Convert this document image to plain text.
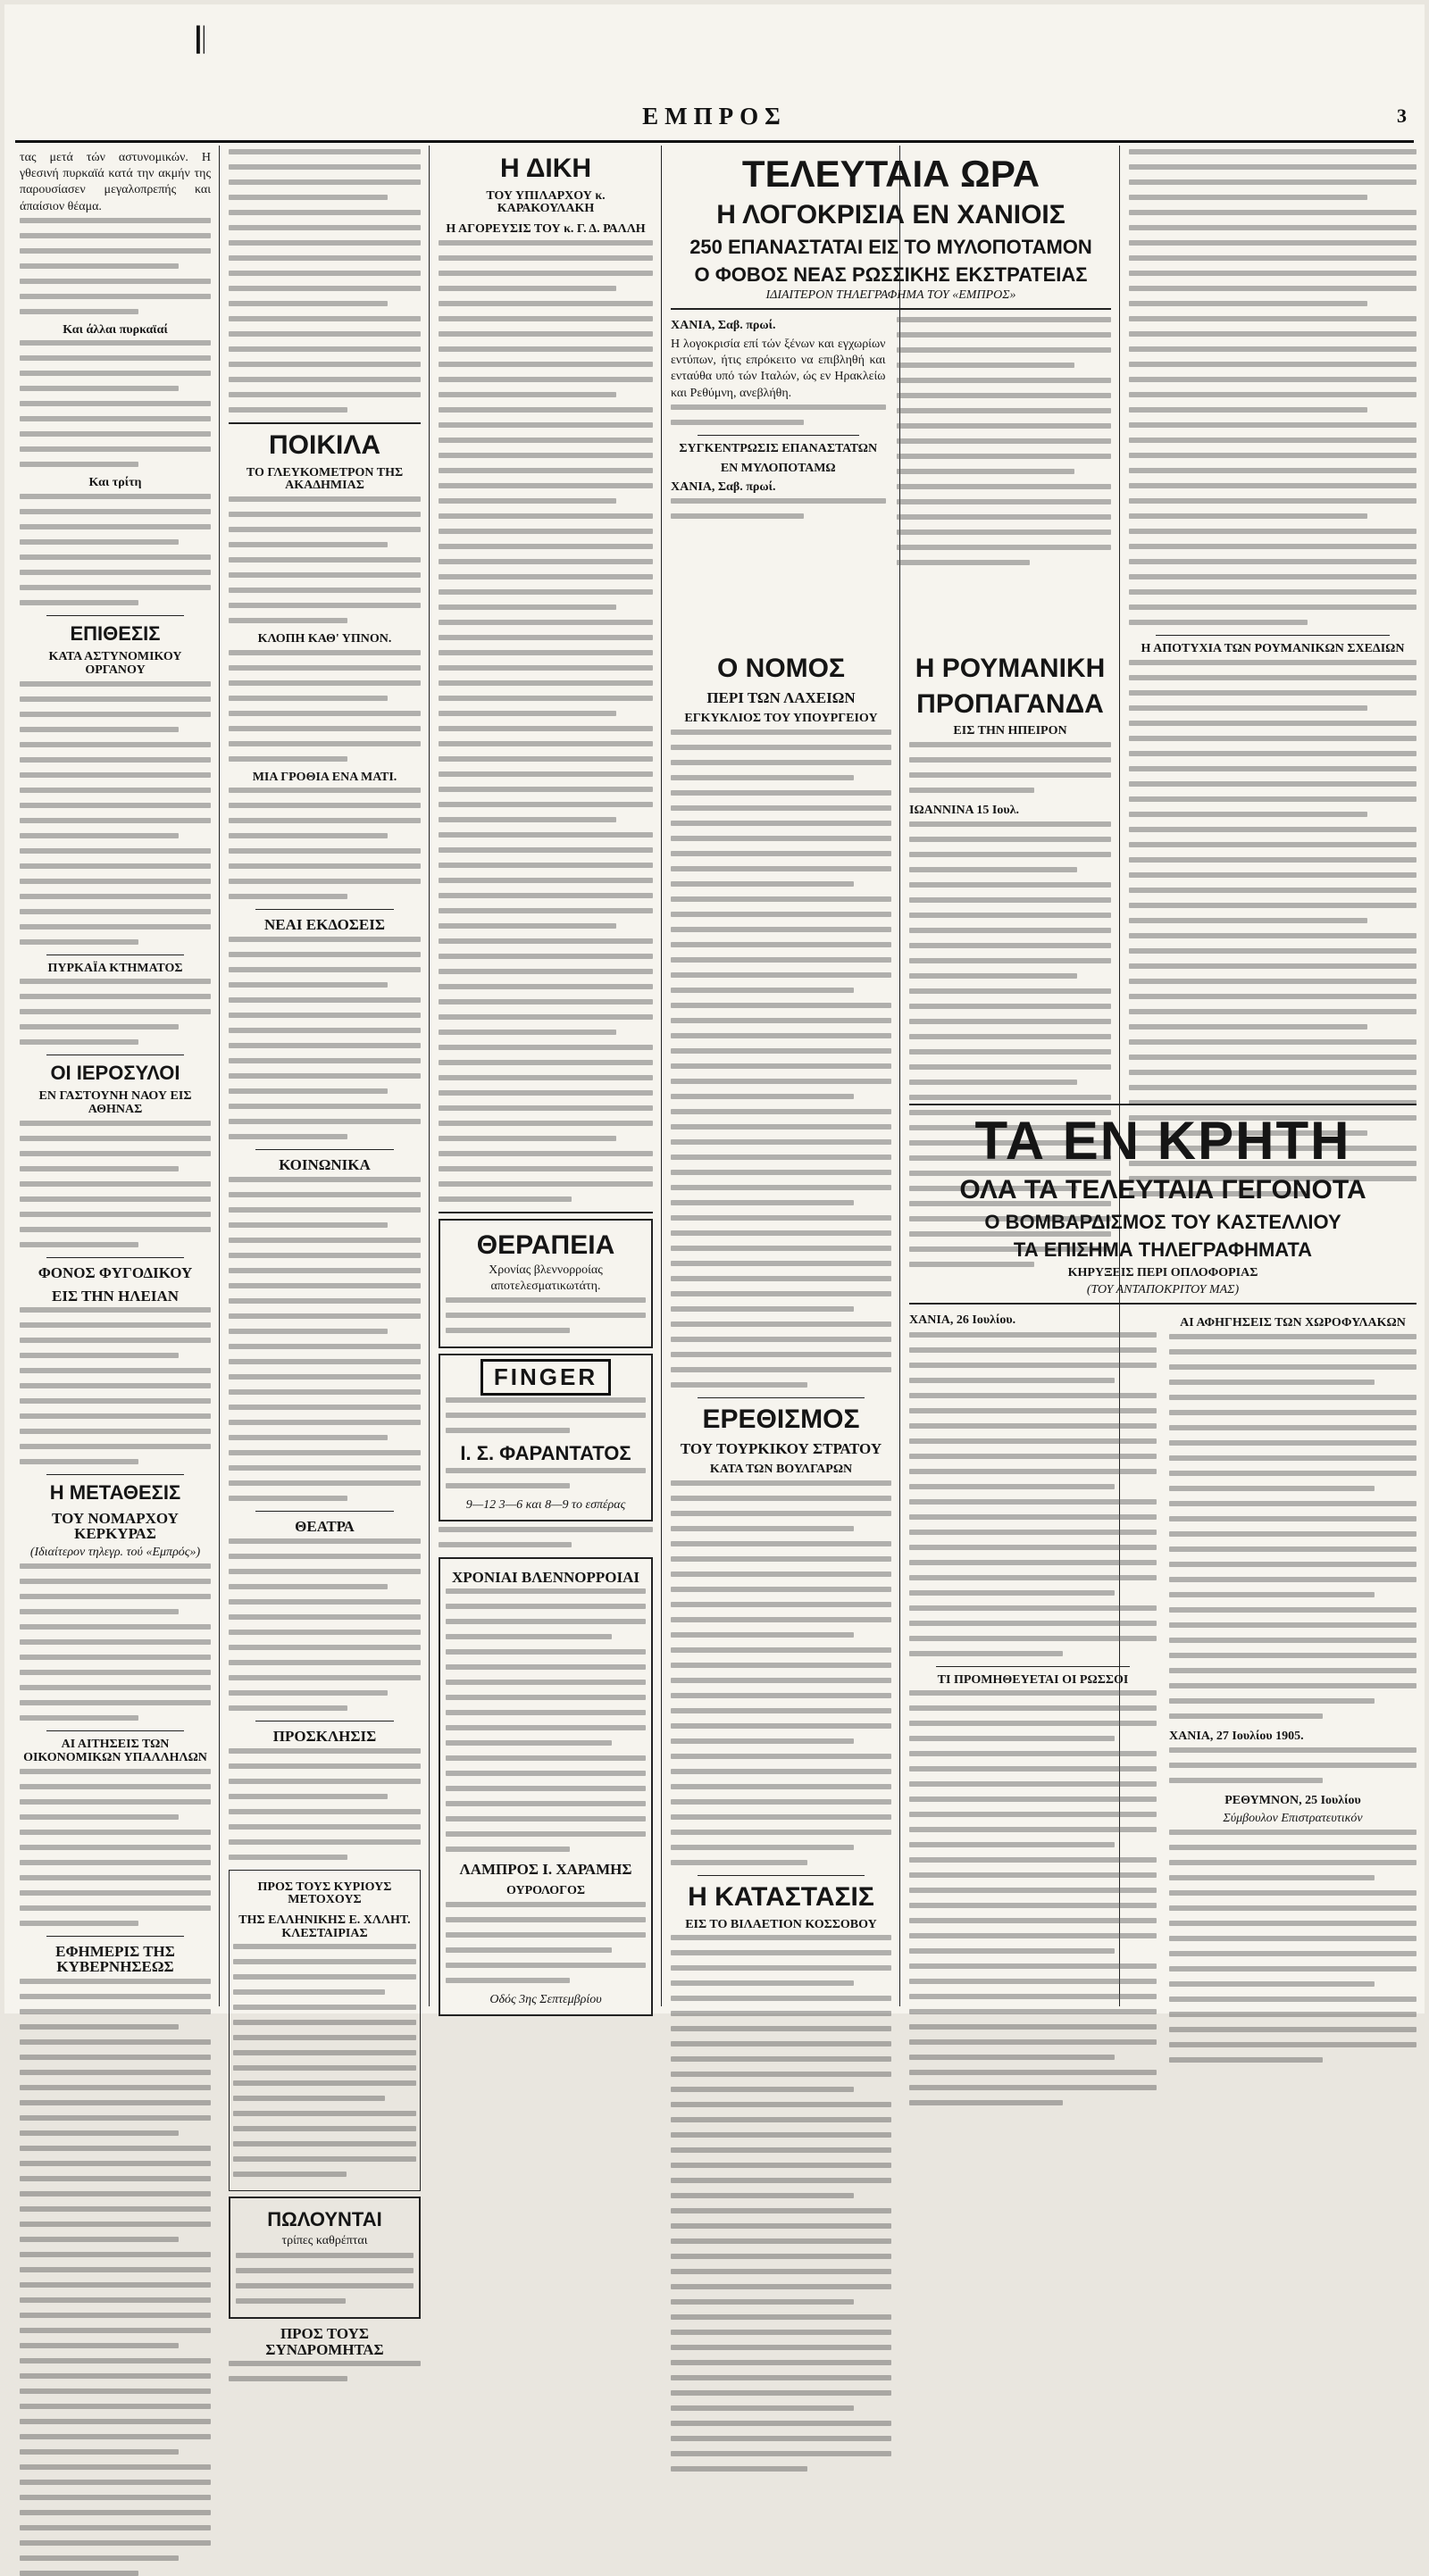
𝄃
ΕΜΠΡΟΣ	3
τας μετά τών αστυνομικών. Η γθεσινή πυρκαϊά κατά την ακμήν της παρουσίασεν μεγαλοπρεπής και άπαίσιον θέαμα.
Και άλλαι πυρκαϊαί
Και τρίτη
ΕΠΙΘΕΣΙΣ
ΚΑΤΑ ΑΣΤΥΝΟΜΙΚΟΥ ΟΡΓΑΝΟΥ
ΠΥΡΚΑΪΑ ΚΤΗΜΑΤΟΣ
ΟΙ ΙΕΡΟΣΥΛΟΙ
ΕΝ ΓΑΣΤΟΥΝΗ ΝΑΟΥ ΕΙΣ ΑΘΗΝΑΣ
ΦΟΝΟΣ ΦΥΓΟΔΙΚΟΥ
ΕΙΣ ΤΗΝ ΗΛΕΙΑΝ
Η ΜΕΤΑΘΕΣΙΣ
ΤΟΥ ΝΟΜΑΡΧΟΥ ΚΕΡΚΥΡΑΣ
(Ιδιαίτερον τηλεγρ. τού «Εμπρός»)
ΑΙ ΑΙΤΗΣΕΙΣ ΤΩΝ ΟΙΚΟΝΟΜΙΚΩΝ ΥΠΑΛΛΗΛΩΝ
ΕΦΗΜΕΡΙΣ ΤΗΣ ΚΥΒΕΡΝΗΣΕΩΣ
ΠΟΙΚΙΛΑ
ΤΟ ΓΛΕΥΚΟΜΕΤΡΟΝ ΤΗΣ ΑΚΑΔΗΜΙΑΣ
ΚΛΟΠΗ ΚΑΘ' ΥΠΝΟΝ.
ΜΙΑ ΓΡΟΘΙΑ ΕΝΑ ΜΑΤΙ.
ΝΕΑΙ ΕΚΔΟΣΕΙΣ
ΚΟΙΝΩΝΙΚΑ
ΘΕΑΤΡΑ
ΠΡΟΣΚΛΗΣΙΣ
ΠΡΟΣ ΤΟΥΣ ΚΥΡΙΟΥΣ ΜΕΤΟΧΟΥΣ
ΤΗΣ ΕΛΛΗΝΙΚΗΣ Ε. ΧΛΛΗΤ. ΚΛΕΣΤΑΙΡΙΑΣ
ΠΩΛΟΥΝΤΑΙ
τρίπες καθρέπται
ΠΡΟΣ ΤΟΥΣ ΣΥΝΔΡΟΜΗΤΑΣ
Η ΔΙΚΗ
ΤΟΥ ΥΠΙΛΑΡΧΟΥ κ. ΚΑΡΑΚΟΥΛΑΚΗ
Η ΑΓΟΡΕΥΣΙΣ ΤΟΥ κ. Γ. Δ. ΡΑΛΛΗ
ΘΕΡΑΠΕΙΑ
Χρονίας βλεννορροίας αποτελεσματικωτάτη.
FINGER
Ι. Σ. ΦΑΡΑΝΤΑΤΟΣ
9—12 3—6 και 8—9 το εσπέρας
ΧΡΟΝΙΑΙ ΒΛΕΝΝΟΡΡΟΙΑΙ
ΛΑΜΠΡΟΣ Ι. ΧΑΡΑΜΗΣ
ΟΥΡΟΛΟΓΟΣ
Οδός 3ης Σεπτεμβρίου
ΤΕΛΕΥΤΑΙΑ ΩΡΑ
Η ΛΟΓΟΚΡΙΣΙΑ ΕΝ ΧΑΝΙΟΙΣ
250 ΕΠΑΝΑΣΤΑΤΑΙ ΕΙΣ ΤΟ ΜΥΛΟΠΟΤΑΜΟΝ
Ο ΦΟΒΟΣ ΝΕΑΣ ΡΩΣΣΙΚΗΣ ΕΚΣΤΡΑΤΕΙΑΣ
ΙΔΙΑΙΤΕΡΟΝ ΤΗΛΕΓΡΑΦΗΜΑ ΤΟΥ «ΕΜΠΡΟΣ»
ΧΑΝΙΑ, Σαβ. πρωί.
Η λογοκρισία επί τών ξένων και εγχωρίων εντύπων, ήτις επρόκειτο να επιβληθή και ενταύθα υπό τών Ιταλών, ώς εν Ηρακλείω και Ρεθύμνη, ανεβλήθη.
ΣΥΓΚΕΝΤΡΩΣΙΣ ΕΠΑΝΑΣΤΑΤΩΝ
ΕΝ ΜΥΛΟΠΟΤΑΜΩ
ΧΑΝΙΑ, Σαβ. πρωί.
Ο ΝΟΜΟΣ
ΠΕΡΙ ΤΩΝ ΛΑΧΕΙΩΝ
ΕΓΚΥΚΛΙΟΣ ΤΟΥ ΥΠΟΥΡΓΕΙΟΥ
ΕΡΕΘΙΣΜΟΣ
ΤΟΥ ΤΟΥΡΚΙΚΟΥ ΣΤΡΑΤΟΥ
ΚΑΤΑ ΤΩΝ ΒΟΥΛΓΑΡΩΝ
Η ΚΑΤΑΣΤΑΣΙΣ
ΕΙΣ ΤΟ ΒΙΛΑΕΤΙΟΝ ΚΟΣΣΟΒΟΥ
Η ΡΟΥΜΑΝΙΚΗ
ΠΡΟΠΑΓΑΝΔΑ
ΕΙΣ ΤΗΝ ΗΠΕΙΡΟΝ
ΙΩΑΝΝΙΝΑ 15 Ιουλ.
Η ΑΠΟΤΥΧΙΑ ΤΩΝ ΡΟΥΜΑΝΙΚΩΝ ΣΧΕΔΙΩΝ
ΤΑ ΕΝ ΚΡΗΤΗ
ΟΛΑ ΤΑ ΤΕΛΕΥΤΑΙΑ ΓΕΓΟΝΟΤΑ
Ο ΒΟΜΒΑΡΔΙΣΜΟΣ ΤΟΥ ΚΑΣΤΕΛΛΙΟΥ
ΤΑ ΕΠΙΣΗΜΑ ΤΗΛΕΓΡΑΦΗΜΑΤΑ
ΚΗΡΥΞΕΙΣ ΠΕΡΙ ΟΠΛΟΦΟΡΙΑΣ
(ΤΟΥ ΑΝΤΑΠΟΚΡΙΤΟΥ ΜΑΣ)
ΧΑΝΙΑ, 26 Ιουλίου.
ΤΙ ΠΡΟΜΗΘΕΥΕΤΑΙ ΟΙ ΡΩΣΣΟΙ
ΑΙ ΑΦΗΓΗΣΕΙΣ ΤΩΝ ΧΩΡΟΦΥΛΑΚΩΝ
ΧΑΝΙΑ, 27 Ιουλίου 1905.
ΡΕΘΥΜΝΟΝ, 25 Ιουλίου
Σύμβουλον Επιστρατευτικόν
